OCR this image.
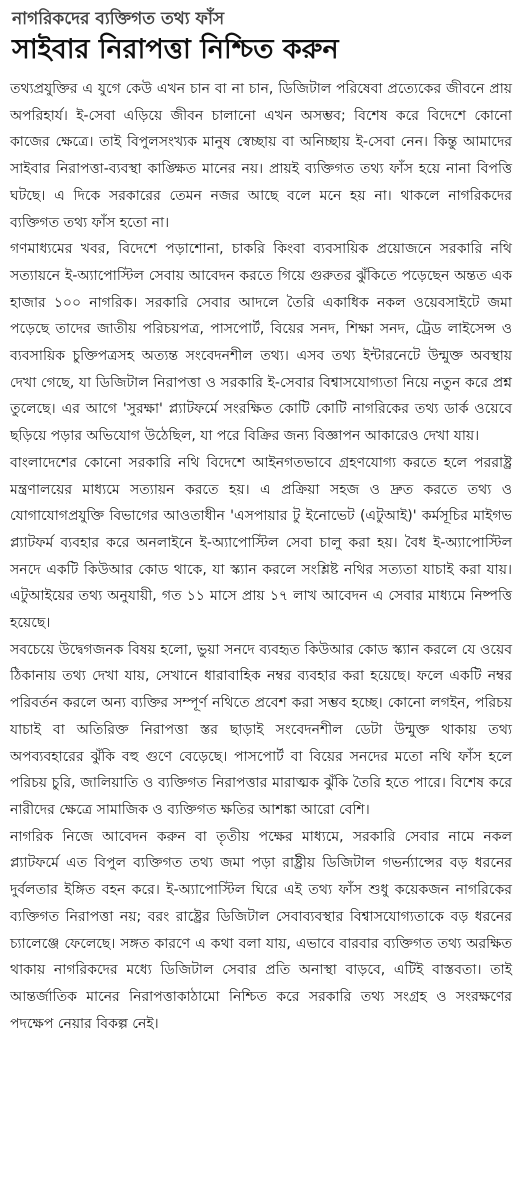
নাগরিকদের ব্যক্তিগত তথ্য ফাঁস
সাইবার নিরাপত্তা নিশ্চিত করুন

তথ্যপ্রযুক্তির এ যুগে কেউ এখন চান বা না চান, ডিজিটাল পরিষেবা প্রত্যেকের জীবনে প্রায় অপরিহার্য। ই-সেবা এড়িয়ে জীবন চালানো এখন অসম্ভব; বিশেষ করে বিদেশে কোনো কাজের ক্ষেত্রে। তাই বিপুলসংখ্যক মানুষ স্বেচ্ছায় বা অনিচ্ছায় ই-সেবা নেন। কিন্তু আমাদের সাইবার নিরাপত্তা-ব্যবস্থা কাঙ্ক্ষিত মানের নয়। প্রায়ই ব্যক্তিগত তথ্য ফাঁস হয়ে নানা বিপত্তি ঘটছে। এ দিকে সরকারের তেমন নজর আছে বলে মনে হয় না। থাকলে নাগরিকদের ব্যক্তিগত তথ্য ফাঁস হতো না।

গণমাধ্যমের খবর, বিদেশে পড়াশোনা, চাকরি কিংবা ব্যবসায়িক প্রয়োজনে সরকারি নথি সত্যায়নে ই-অ্যাপোস্টিল সেবায় আবেদন করতে গিয়ে গুরুতর ঝুঁকিতে পড়েছেন অন্তত এক হাজার ১০০ নাগরিক। সরকারি সেবার আদলে তৈরি একাধিক নকল ওয়েবসাইটে জমা পড়েছে তাদের জাতীয় পরিচয়পত্র, পাসপোর্ট, বিয়ের সনদ, শিক্ষা সনদ, ট্রেড লাইসেন্স ও ব্যবসায়িক চুক্তিপত্রসহ অত্যন্ত সংবেদনশীল তথ্য। এসব তথ্য ইন্টারনেটে উন্মুক্ত অবস্থায় দেখা গেছে, যা ডিজিটাল নিরাপত্তা ও সরকারি ই-সেবার বিশ্বাসযোগ্যতা নিয়ে নতুন করে প্রশ্ন তুলেছে। এর আগে 'সুরক্ষা' প্ল্যাটফর্মে সংরক্ষিত কোটি কোটি নাগরিকের তথ্য ডার্ক ওয়েবে ছড়িয়ে পড়ার অভিযোগ উঠেছিল, যা পরে বিক্রির জন্য বিজ্ঞাপন আকারেও দেখা যায়।

বাংলাদেশের কোনো সরকারি নথি বিদেশে আইনগতভাবে গ্রহণযোগ্য করতে হলে পররাষ্ট্র মন্ত্রণালয়ের মাধ্যমে সত্যায়ন করতে হয়। এ প্রক্রিয়া সহজ ও দ্রুত করতে তথ্য ও যোগাযোগপ্রযুক্তি বিভাগের আওতাধীন 'এসপায়ার টু ইনোভেট (এটুআই)' কর্মসূচির মাইগভ প্ল্যাটফর্ম ব্যবহার করে অনলাইনে ই-অ্যাপোস্টিল সেবা চালু করা হয়। বৈধ ই-অ্যাপোস্টিল সনদে একটি কিউআর কোড থাকে, যা স্ক্যান করলে সংশ্লিষ্ট নথির সত্যতা যাচাই করা যায়। এটুআইয়ের তথ্য অনুযায়ী, গত ১১ মাসে প্রায় ১৭ লাখ আবেদন এ সেবার মাধ্যমে নিষ্পত্তি হয়েছে।

সবচেয়ে উদ্বেগজনক বিষয় হলো, ভুয়া সনদে ব্যবহৃত কিউআর কোড স্ক্যান করলে যে ওয়েব ঠিকানায় তথ্য দেখা যায়, সেখানে ধারাবাহিক নম্বর ব্যবহার করা হয়েছে। ফলে একটি নম্বর পরিবর্তন করলে অন্য ব্যক্তির সম্পূর্ণ নথিতে প্রবেশ করা সম্ভব হচ্ছে। কোনো লগইন, পরিচয় যাচাই বা অতিরিক্ত নিরাপত্তা স্তর ছাড়াই সংবেদনশীল ডেটা উন্মুক্ত থাকায় তথ্য অপব্যবহারের ঝুঁকি বহু গুণে বেড়েছে। পাসপোর্ট বা বিয়ের সনদের মতো নথি ফাঁস হলে পরিচয় চুরি, জালিয়াতি ও ব্যক্তিগত নিরাপত্তার মারাত্মক ঝুঁকি তৈরি হতে পারে। বিশেষ করে নারীদের ক্ষেত্রে সামাজিক ও ব্যক্তিগত ক্ষতির আশঙ্কা আরো বেশি।

নাগরিক নিজে আবেদন করুন বা তৃতীয় পক্ষের মাধ্যমে, সরকারি সেবার নামে নকল প্ল্যাটফর্মে এত বিপুল ব্যক্তিগত তথ্য জমা পড়া রাষ্ট্রীয় ডিজিটাল গভর্ন্যান্সের বড় ধরনের দুর্বলতার ইঙ্গিত বহন করে। ই-অ্যাপোস্টিল ঘিরে এই তথ্য ফাঁস শুধু কয়েকজন নাগরিকের ব্যক্তিগত নিরাপত্তা নয়; বরং রাষ্ট্রের ডিজিটাল সেবাব্যবস্থার বিশ্বাসযোগ্যতাকে বড় ধরনের চ্যালেঞ্জে ফেলেছে। সঙ্গত কারণে এ কথা বলা যায়, এভাবে বারবার ব্যক্তিগত তথ্য অরক্ষিত থাকায় নাগরিকদের মধ্যে ডিজিটাল সেবার প্রতি অনাস্থা বাড়বে, এটিই বাস্তবতা। তাই আন্তর্জাতিক মানের নিরাপত্তাকাঠামো নিশ্চিত করে সরকারি তথ্য সংগ্রহ ও সংরক্ষণের পদক্ষেপ নেয়ার বিকল্প নেই।
